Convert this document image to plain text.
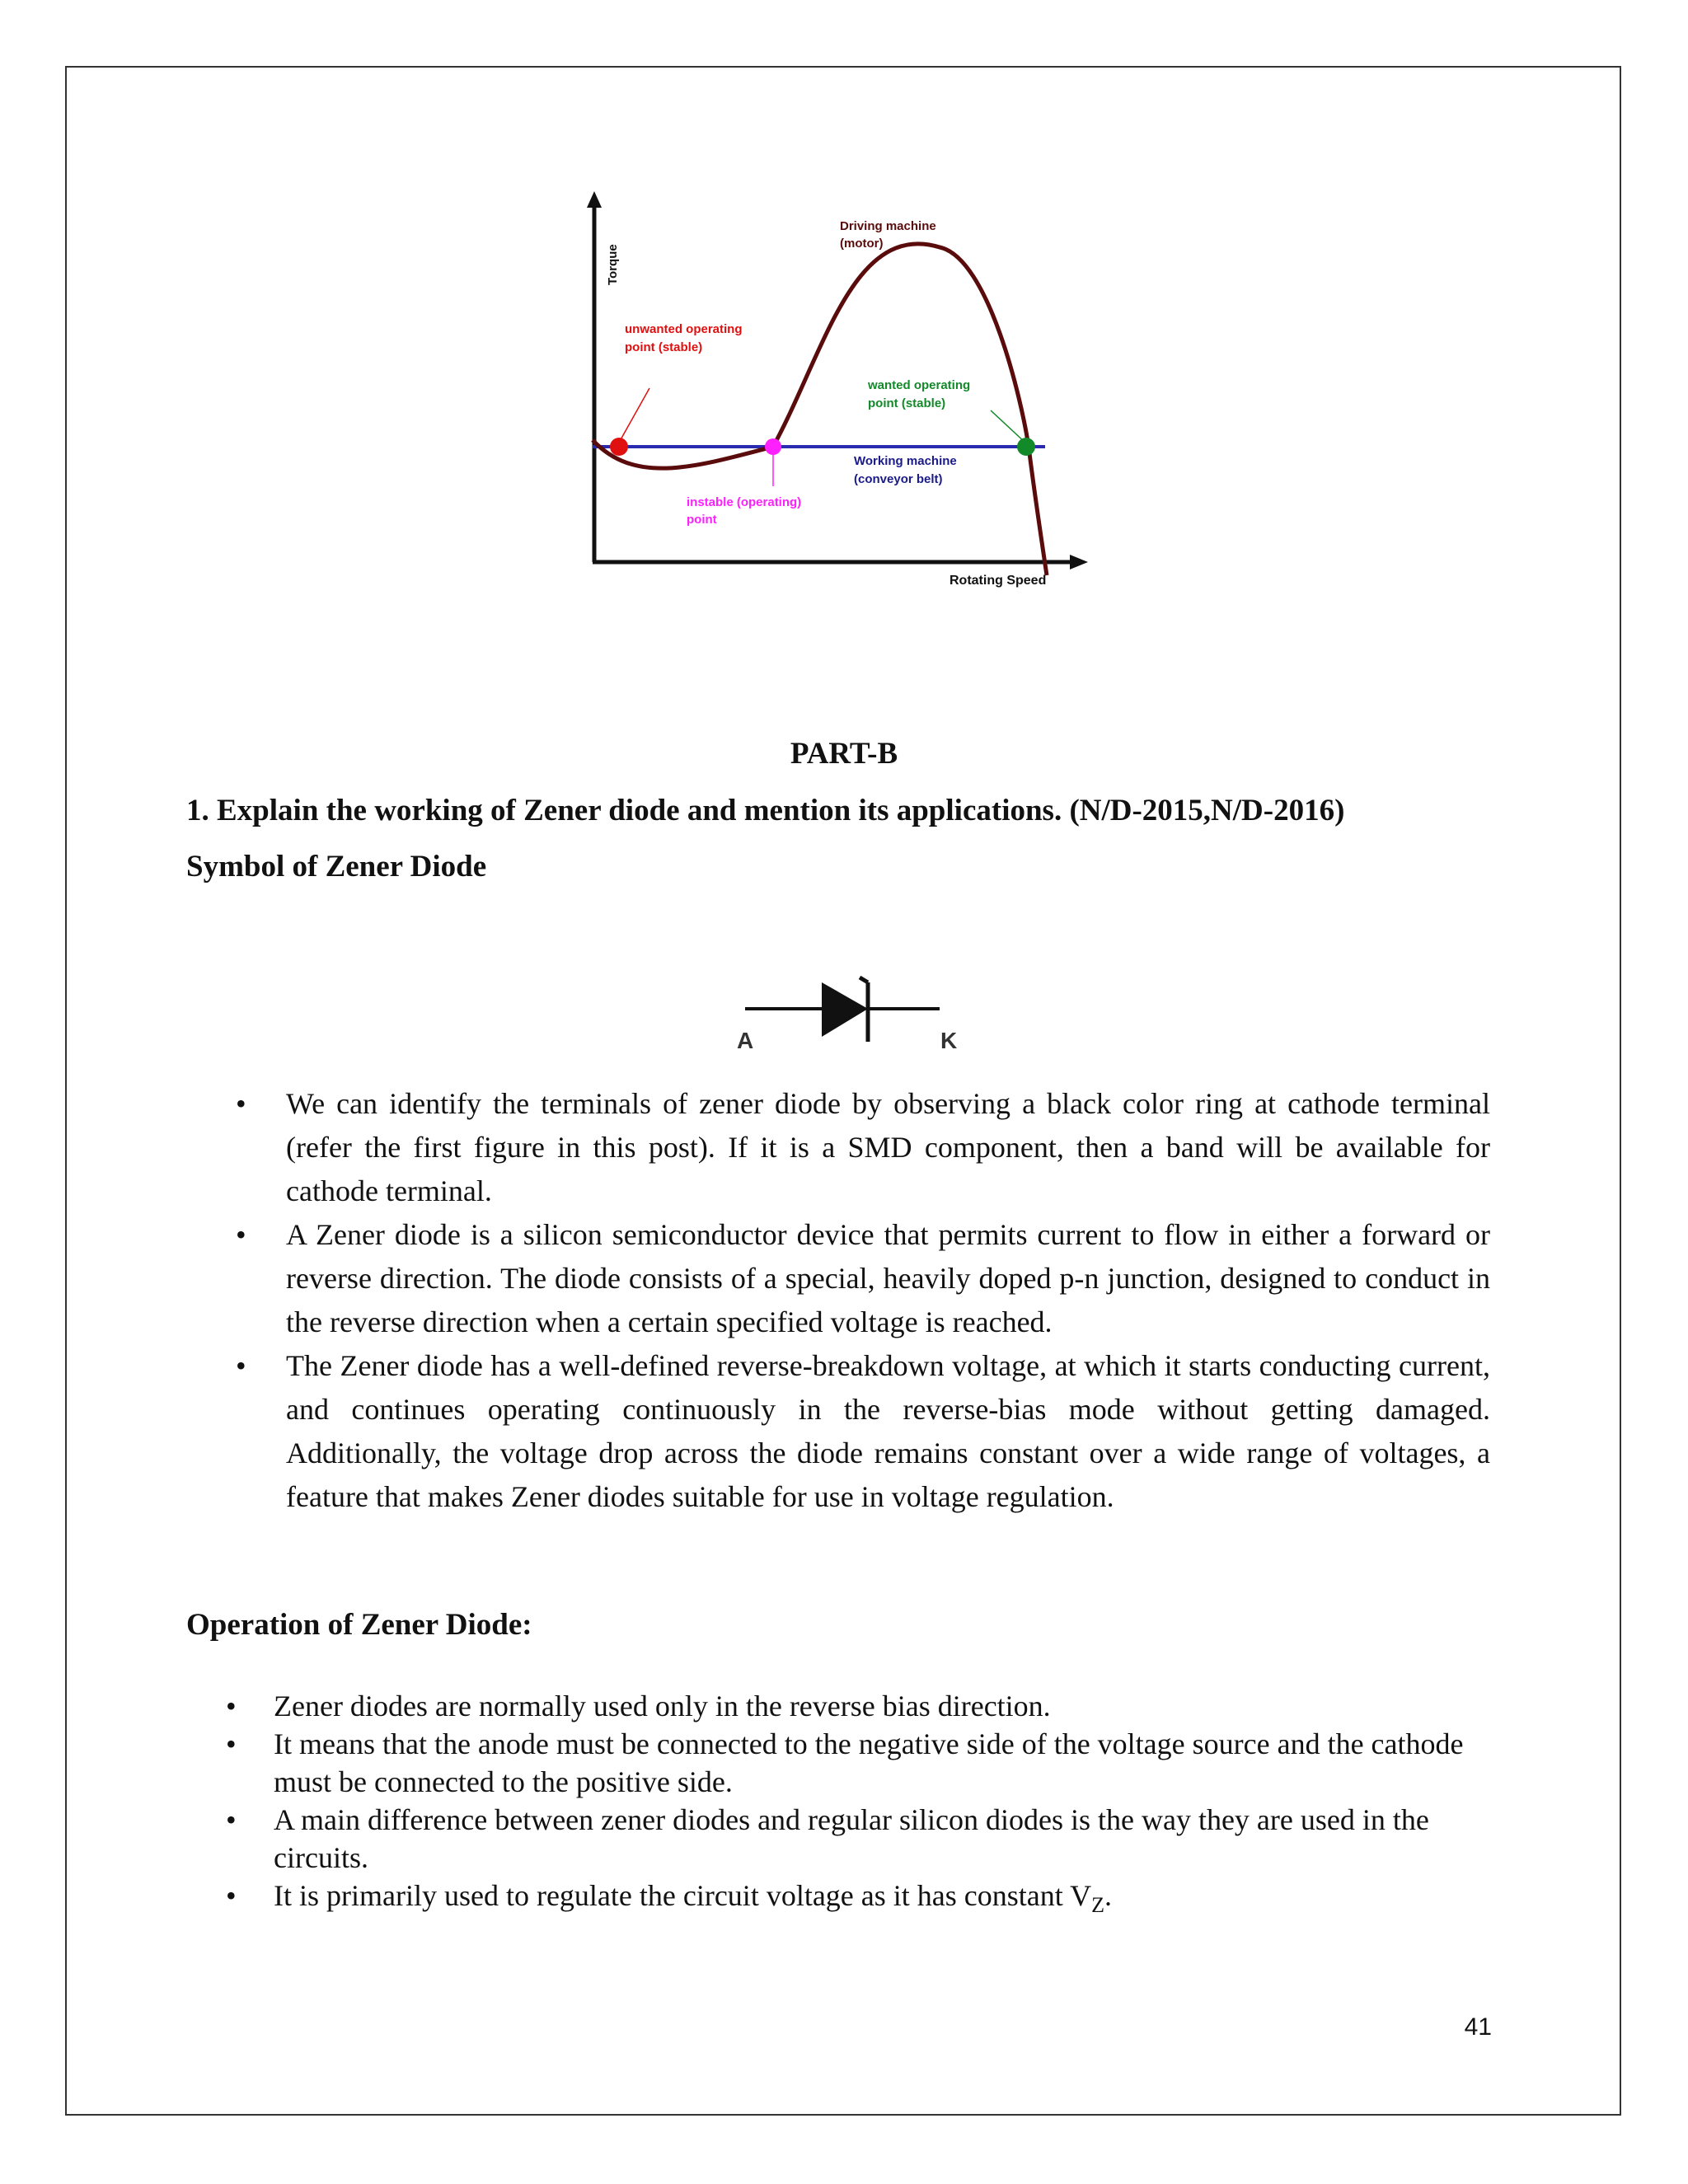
Torque
Rotating Speed
Driving machine
(motor)
unwanted operating
point (stable)
wanted operating
point (stable)
Working machine
(conveyor belt)
instable (operating)
point
PART-B
1. Explain the working of Zener diode and mention its applications. (N/D-2015,N/D-2016)
Symbol of Zener Diode
A	K
• We can identify the terminals of zener diode by observing a black color ring at cathode terminal (refer the first figure in this post). If it is a SMD component, then a band will be available for cathode terminal.
• A Zener diode is a silicon semiconductor device that permits current to flow in either a forward or reverse direction. The diode consists of a special, heavily doped p-n junction, designed to conduct in the reverse direction when a certain specified voltage is reached.
• The Zener diode has a well-defined reverse-breakdown voltage, at which it starts conducting current, and continues operating continuously in the reverse-bias mode without getting damaged. Additionally, the voltage drop across the diode remains constant over a wide range of voltages, a feature that makes Zener diodes suitable for use in voltage regulation.
Operation of Zener Diode:
• Zener diodes are normally used only in the reverse bias direction.
• It means that the anode must be connected to the negative side of the voltage source and the cathode must be connected to the positive side.
• A main difference between zener diodes and regular silicon diodes is the way they are used in the circuits.
• It is primarily used to regulate the circuit voltage as it has constant $V_Z$.
41
